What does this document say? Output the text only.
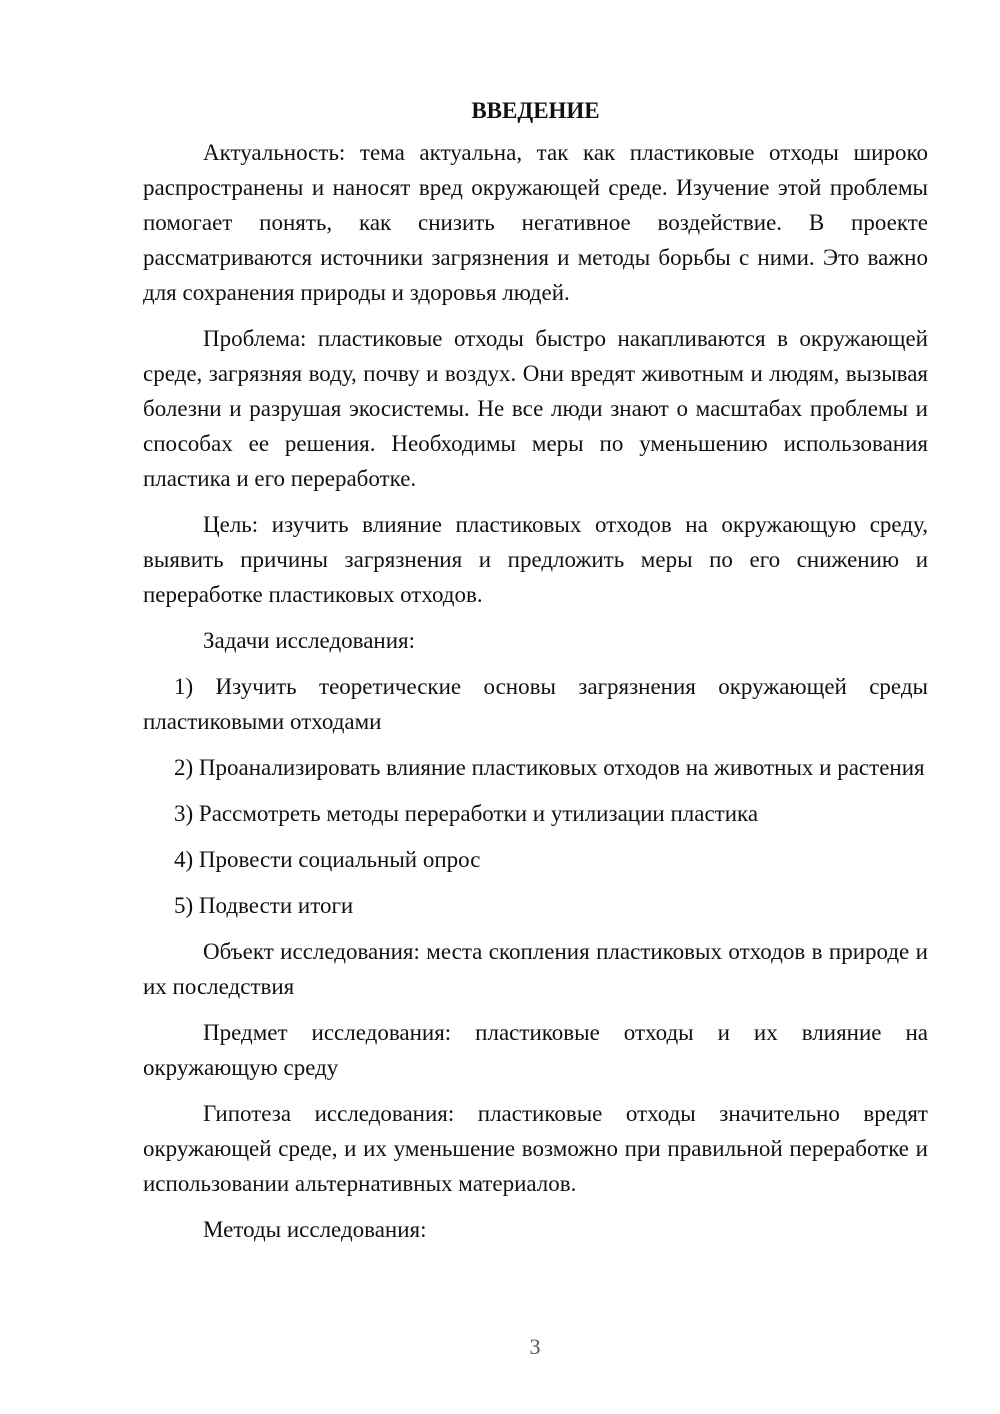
ВВЕДЕНИЕ

Актуальность: тема актуальна, так как пластиковые отходы широко распространены и наносят вред окружающей среде. Изучение этой проблемы помогает понять, как снизить негативное воздействие. В проекте рассматриваются источники загрязнения и методы борьбы с ними. Это важно для сохранения природы и здоровья людей.

Проблема: пластиковые отходы быстро накапливаются в окружающей среде, загрязняя воду, почву и воздух. Они вредят животным и людям, вызывая болезни и разрушая экосистемы. Не все люди знают о масштабах проблемы и способах ее решения. Необходимы меры по уменьшению использования пластика и его переработке.

Цель: изучить влияние пластиковых отходов на окружающую среду, выявить причины загрязнения и предложить меры по его снижению и переработке пластиковых отходов.

Задачи исследования:

1) Изучить теоретические основы загрязнения окружающей среды пластиковыми отходами

2) Проанализировать влияние пластиковых отходов на животных и растения

3) Рассмотреть методы переработки и утилизации пластика

4) Провести социальный опрос

5) Подвести итоги

Объект исследования: места скопления пластиковых отходов в природе и их последствия

Предмет исследования: пластиковые отходы и их влияние на окружающую среду

Гипотеза исследования: пластиковые отходы значительно вредят окружающей среде, и их уменьшение возможно при правильной переработке и использовании альтернативных материалов.

Методы исследования:

3
